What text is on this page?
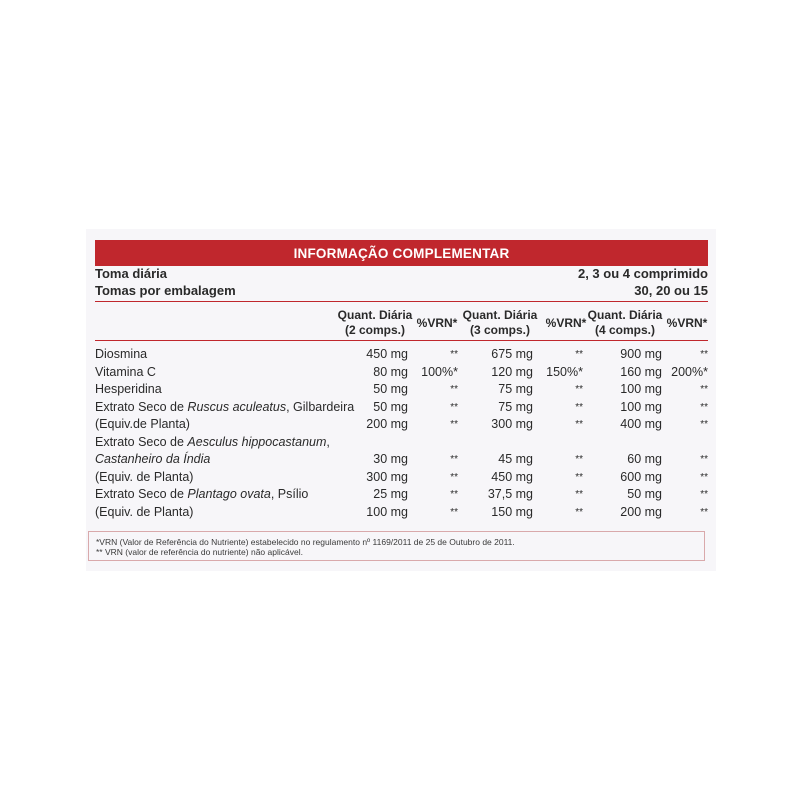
INFORMAÇÃO COMPLEMENTAR
Toma diária	2, 3 ou 4 comprimido
Tomas por embalagem	30, 20 ou 15
Quant. Diária
(2 comps.) %VRN*
Quant. Diária
(3 comps.)	%VRN*
Quant. Diária
(4 comps.) %VRN*
Diosmina	450 mg	**	675 mg	**	900 mg	**
Vitamina C	80 mg 100%*	120 mg 150%*	160 mg 200%*
Hesperidina	50 mg	**	75 mg	**	100 mg	**
Extrato Seco de Ruscus aculeatus, Gilbardeira 50 mg	**	75 mg	**	100 mg	**
(Equiv.de Planta)	200 mg	**	300 mg	**	400 mg	**
Extrato Seco de Aesculus hippocastanum,
Castanheiro da Índia	30 mg	**	45 mg	**	60 mg	**
(Equiv. de Planta)	300 mg	**	450 mg	**	600 mg	**
Extrato Seco de Plantago ovata, Psílio	25 mg	** 37,5 mg	**	50 mg	**
(Equiv. de Planta)	100 mg	**	150 mg	**	200 mg	**
*VRN (Valor de Referência do Nutriente) estabelecido no regulamento nº 1169/2011 de 25 de Outubro de 2011.
** VRN (valor de referência do nutriente) não aplicável.
